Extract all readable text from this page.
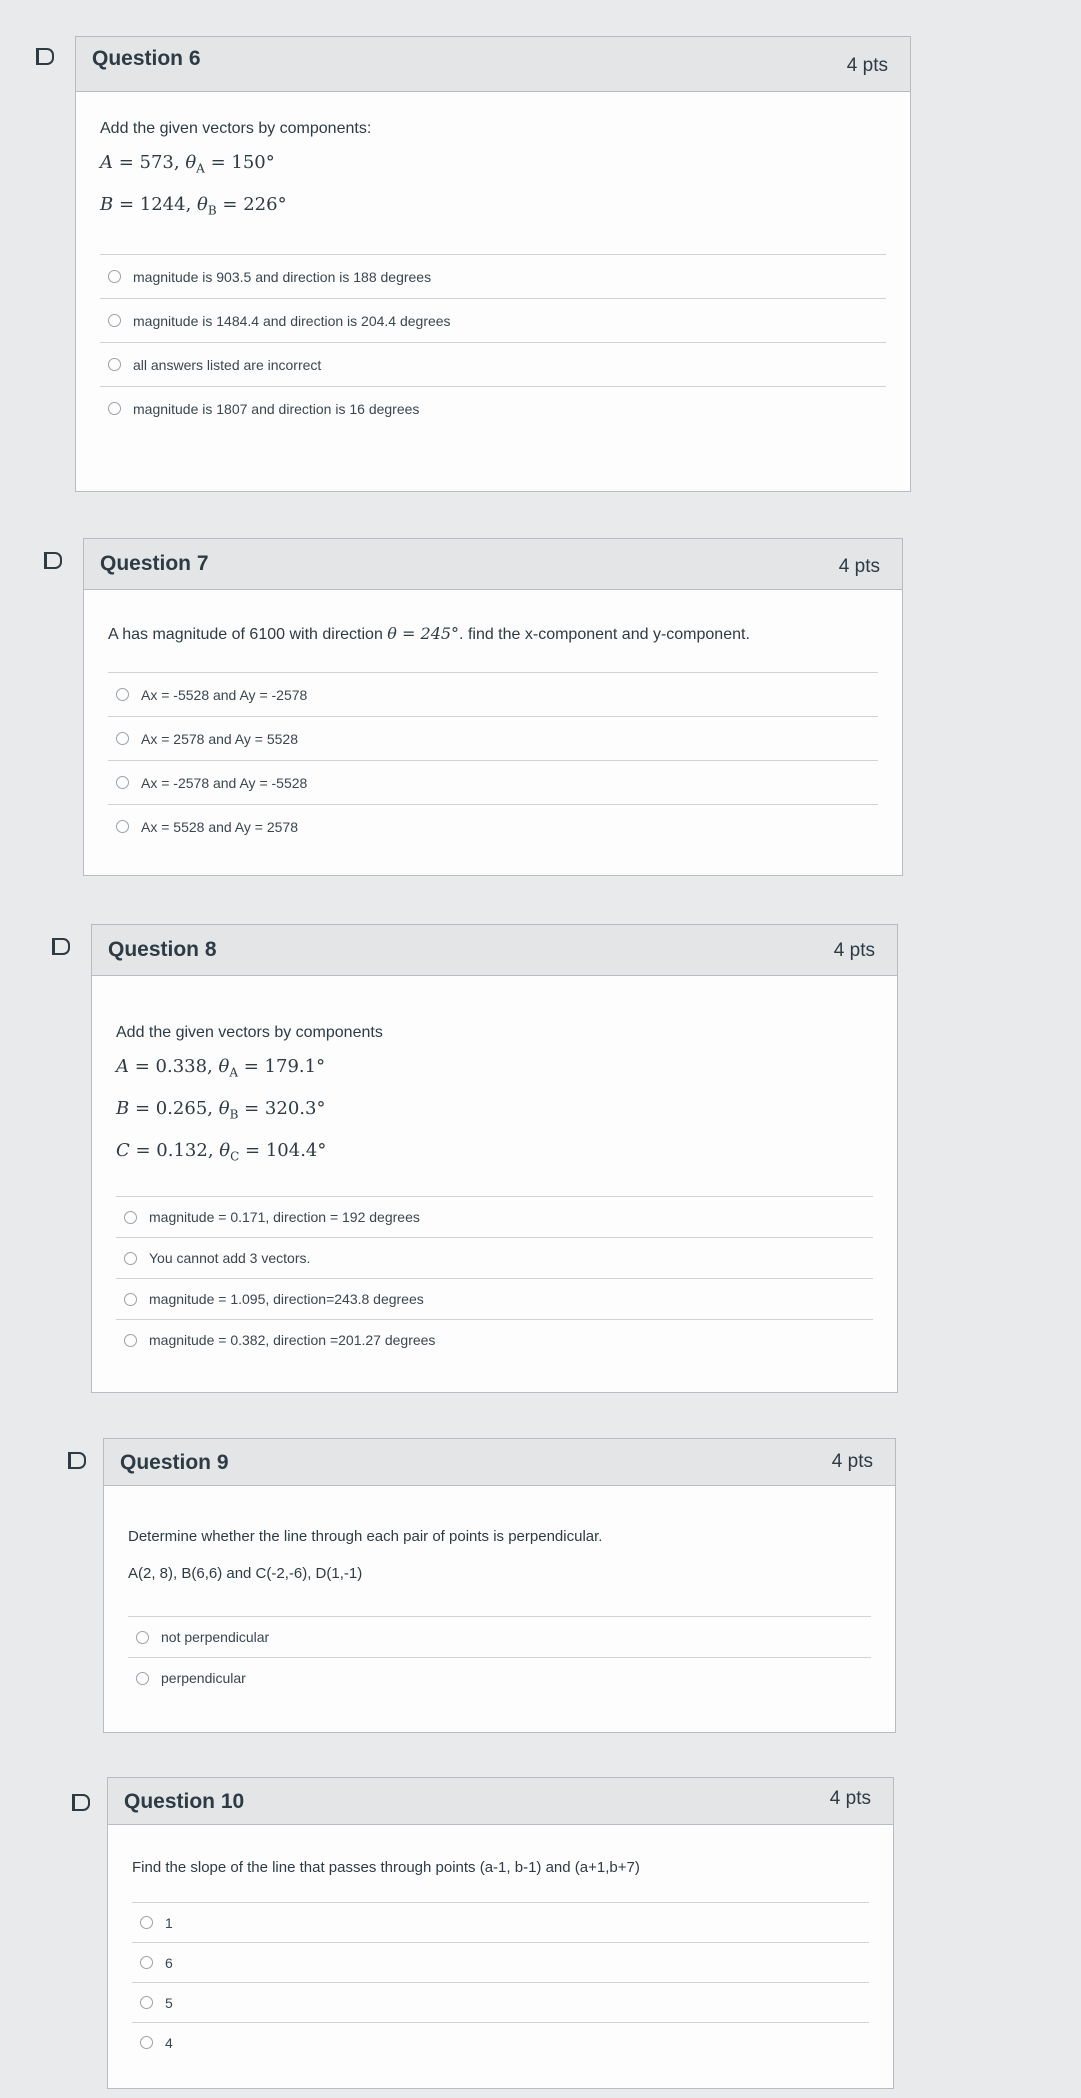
Question 6	4 pts
Add the given vectors by components:
A = 573, $\theta_A = 150^\circ$
B = 1244, $\theta_B = 226^\circ$
magnitude is 903.5 and direction is 188 degrees
magnitude is 1484.4 and direction is 204.4 degrees
all answers listed are incorrect
magnitude is 1807 and direction is 16 degrees
Question 7	4 pts
A has magnitude of 6100 with direction θ = 245°. find the x-component and y-component.
Ax = -5528 and Ay = -2578
Ax = 2578 and Ay = 5528
Ax = -2578 and Ay = -5528
Ax = 5528 and Ay = 2578
Question 8	4 pts
Add the given vectors by components
A = 0.338, $\theta_A = 179.1^\circ$
B = 0.265, $\theta_B = 320.3^\circ$
C = 0.132, $\theta_C = 104.4^\circ$
magnitude = 0.171, direction = 192 degrees
You cannot add 3 vectors.
magnitude = 1.095, direction=243.8 degrees
magnitude = 0.382, direction =201.27 degrees
Question 9	4 pts
Determine whether the line through each pair of points is perpendicular.
A(2, 8), B(6,6) and C(-2,-6), D(1,-1)
not perpendicular
perpendicular
Question 10	4 pts
Find the slope of the line that passes through points (a-1, b-1) and (a+1,b+7)
1
6
5
4
